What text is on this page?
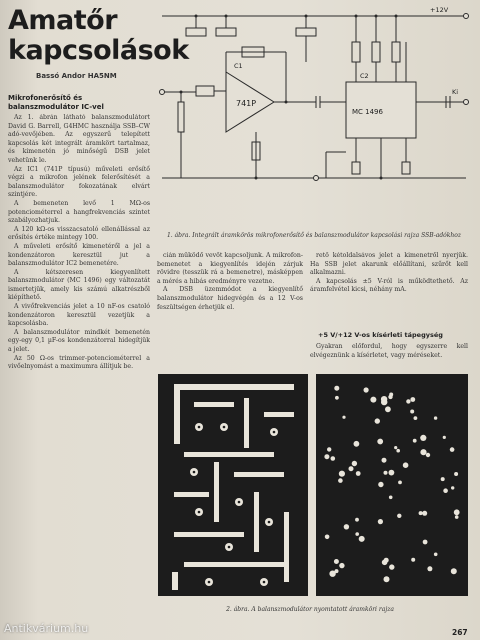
Amatőr
kapcsolások
Bassó Andor HA5NM
Mikrofonerősítő és balanszmodulátor IC-vel

Az 1. ábrán látható balanszmodulátort David G. Barrell, G4HMC használja SSB–CW adó-vevőjében. Az egyszerű telepített kapcsolás két integrált áramkört tartalmaz, és kimenetén jó minőségű DSB jelet vehetünk le.

Az IC1 (741P típusú) műveleti erősítő végzi a mikrofon jelének felerősítését a balanszmodulátor fokozatának elvárt szintjére.

A bemeneten levő 1 MΩ-os potenciométerrel a hangfrekvenciás szintet szabályozhatjuk.

A 120 kΩ-os visszacsatoló ellenállással az erősítés értéke mintegy 100.

A műveleti erősítő kimenetéről a jel a kondenzátoron keresztül jut a balanszmodulátor IC2 bemenetére.

A kétszeresen kiegyenlített balanszmodulátor (MC 1496) egy változatát ismertetjük, amely kis számú alkatrészből kiépíthető.

A vivőfrekvenciás jelet a 10 nF-os csatoló kondenzátoron keresztül vezetjük a kapcsolásba.

A balanszmodulátor mindkét bemenetén egy-egy 0,1 µF-os kondenzátorral hidegítjük a jelet.

Az 50 Ω-os trimmer-potenciométerrel a vivőelnyomást a maximumra állítjuk be.

741P
MC 1496
C1
C2
+12V
Ki
1. ábra. Integrált áramkörös mikrofonerősítő és balanszmodulátor kapcsolási rajza SSB-adókhoz

cián működő vevőt kapcsoljunk. A mikrofon-bemenetet a kiegyenlítés idején zárjuk rövidre (tesszük rá a bemenetre), másképpen a mérés a hibás eredményre vezetne.

A DSB üzemmódot a kiegyenlítő balanszmodulátor hidegvégén és a 12 V-os feszültségen érhetjük el.

rető kétoldalsávos jelet a kimenetről nyerjük. Ha SSB jelet akarunk előállítani, szűrőt kell alkalmazni.

A kapcsolás ±5 V-ról is működtethető. Az áramfelvétel kicsi, néhány mA.

+5 V/+12 V-os kísérleti tápegység

Gyakran előfordul, hogy egyszerre kell elvégeznünk a kísérletet, vagy méréseket.

2. ábra. A balanszmodulátor nyomtatott áramköri rajza
267
Antikvárium.hu
